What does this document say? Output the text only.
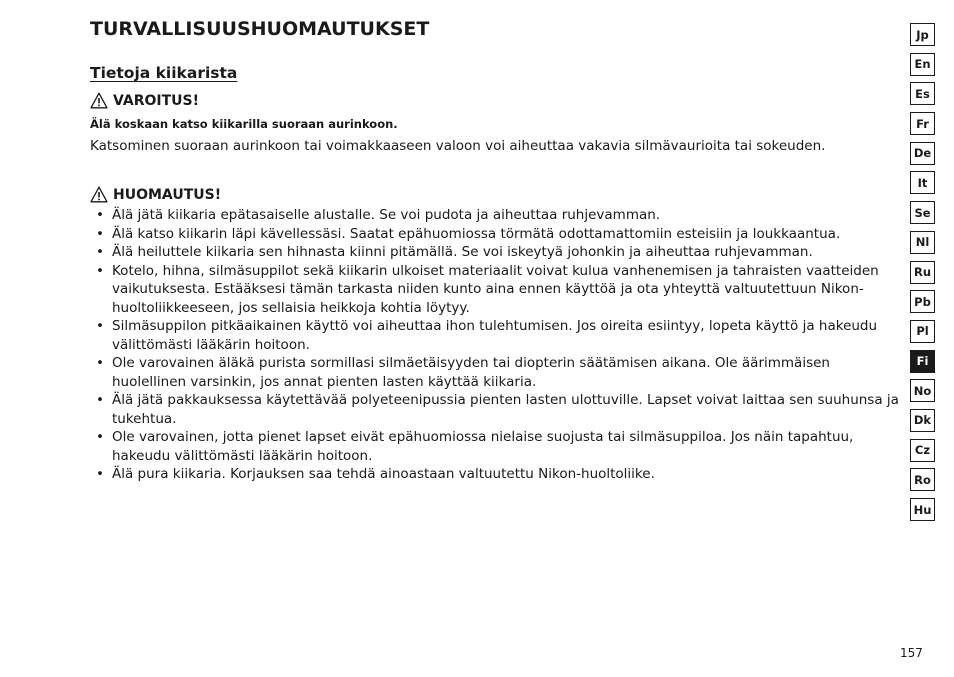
TURVALLISUUSHUOMAUTUKSET
Tietoja kiikarista
VAROITUS!
Älä koskaan katso kiikarilla suoraan aurinkoon.

Katsominen suoraan aurinkoon tai voimakkaaseen valoon voi aiheuttaa vakavia silmävaurioita tai sokeuden.

HUOMAUTUS!
• Älä jätä kiikaria epätasaiselle alustalle. Se voi pudota ja aiheuttaa ruhjevamman.
• Älä katso kiikarin läpi kävellessäsi. Saatat epähuomiossa törmätä odottamattomiin esteisiin ja loukkaantua.
• Älä heiluttele kiikaria sen hihnasta kiinni pitämällä. Se voi iskeytyä johonkin ja aiheuttaa ruhjevamman.
• Kotelo, hihna, silmäsuppilot sekä kiikarin ulkoiset materiaalit voivat kulua vanhenemisen ja tahraisten vaatteiden vaikutuksesta. Estääksesi tämän tarkasta niiden kunto aina ennen käyttöä ja ota yhteyttä valtuutettuun Nikon-huoltoliikkeeseen, jos sellaisia heikkoja kohtia löytyy.
• Silmäsuppilon pitkäaikainen käyttö voi aiheuttaa ihon tulehtumisen. Jos oireita esiintyy, lopeta käyttö ja hakeudu välittömästi lääkärin hoitoon.
• Ole varovainen äläkä purista sormillasi silmäetäisyyden tai diopterin säätämisen aikana. Ole äärimmäisen huolellinen varsinkin, jos annat pienten lasten käyttää kiikaria.
• Älä jätä pakkauksessa käytettävää polyeteenipussia pienten lasten ulottuville. Lapset voivat laittaa sen suuhunsa ja tukehtua.
• Ole varovainen, jotta pienet lapset eivät epähuomiossa nielaise suojusta tai silmäsuppiloa. Jos näin tapahtuu, hakeudu välittömästi lääkärin hoitoon.
• Älä pura kiikaria. Korjauksen saa tehdä ainoastaan valtuutettu Nikon-huoltoliike.
Jp
En
Es
Fr
De
It
Se
Nl
Ru
Pb
Pl
Fi
No
Dk
Cz
Ro
Hu
157
